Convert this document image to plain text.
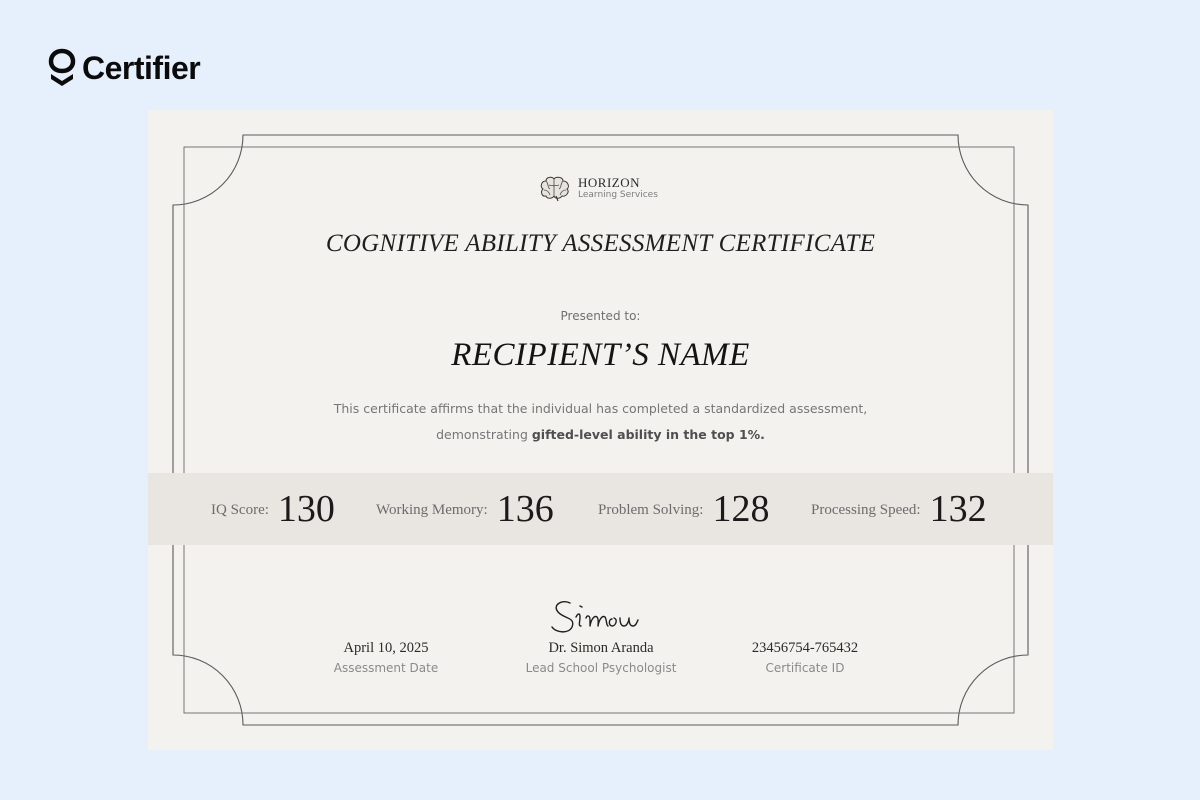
Certifier
HORIZON
Learning Services
COGNITIVE ABILITY ASSESSMENT CERTIFICATE
Presented to:
RECIPIENT’S NAME
This certificate affirms that the individual has completed a standardized assessment,
demonstrating gifted-level ability in the top 1%.
IQ Score: 130	Working Memory: 136	Problem Solving: 128	Processing Speed: 132
April 10, 2025
Assessment Date
Dr. Simon Aranda
Lead School Psychologist
23456754-765432
Certificate ID
